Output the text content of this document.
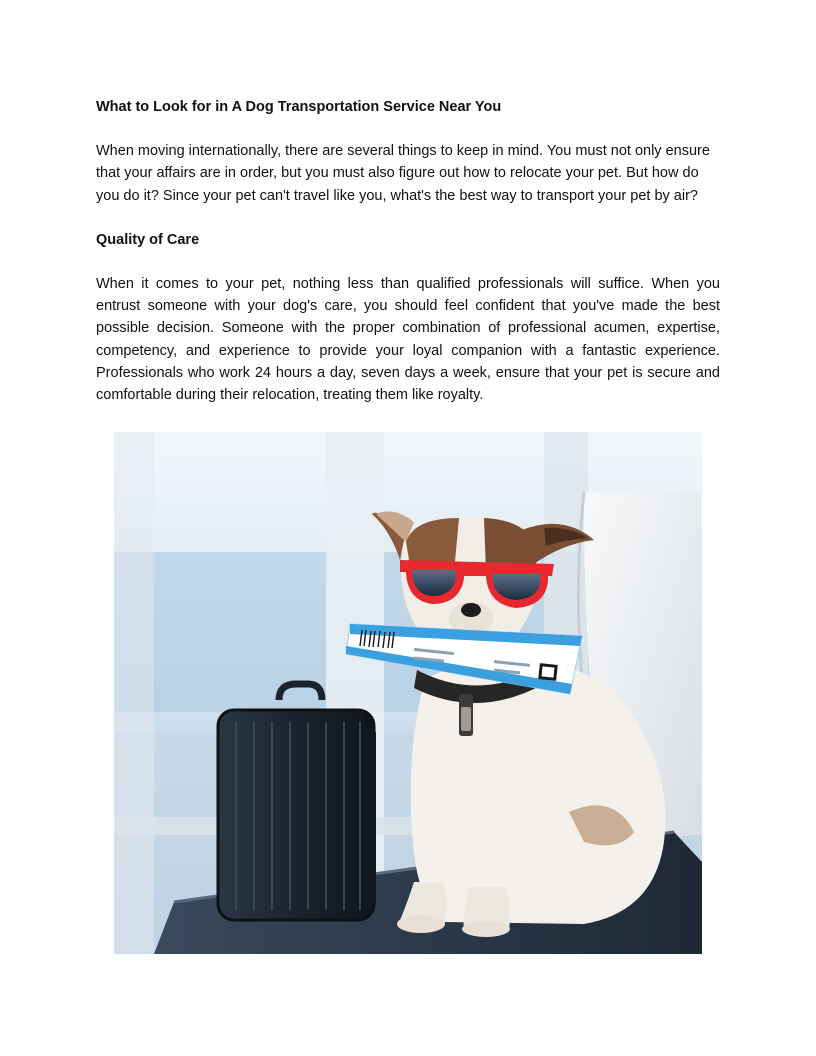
What to Look for in A Dog Transportation Service Near You

When moving internationally, there are several things to keep in mind. You must not only ensure that your affairs are in order, but you must also figure out how to relocate your pet. But how do you do it? Since your pet can't travel like you, what's the best way to transport your pet by air?

Quality of Care

When it comes to your pet, nothing less than qualified professionals will suffice. When you entrust someone with your dog's care, you should feel confident that you've made the best possible decision. Someone with the proper combination of professional acumen, expertise, competency, and experience to provide your loyal companion with a fantastic experience. Professionals who work 24 hours a day, seven days a week, ensure that your pet is secure and comfortable during their relocation, treating them like royalty.
